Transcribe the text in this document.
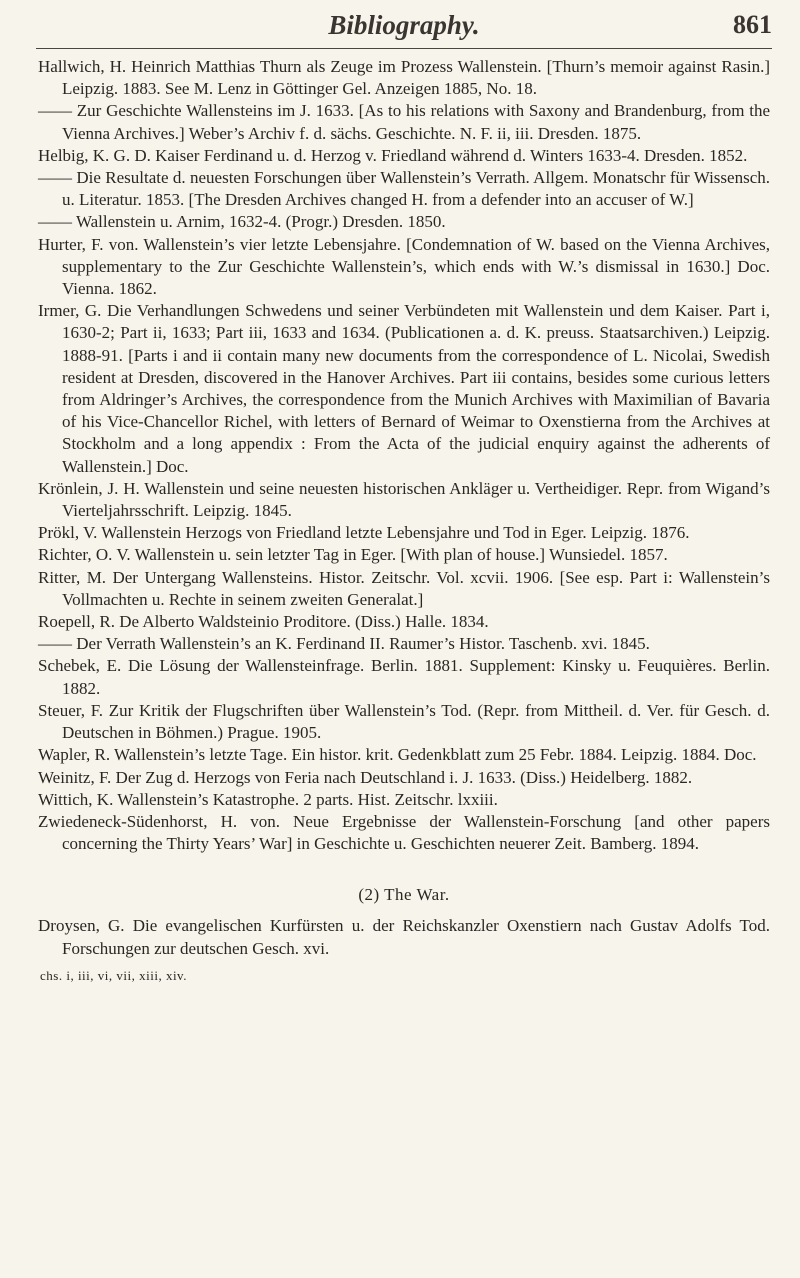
Bibliography.	861

Hallwich, H. Heinrich Matthias Thurn als Zeuge im Prozess Wallenstein. [Thurn’s memoir against Rasin.] Leipzig. 1883. See M. Lenz in Göttinger Gel. Anzeigen 1885, No. 18.

—— Zur Geschichte Wallensteins im J. 1633. [As to his relations with Saxony and Brandenburg, from the Vienna Archives.] Weber’s Archiv f. d. sächs. Geschichte. N. F. ii, iii. Dresden. 1875.

Helbig, K. G. D. Kaiser Ferdinand u. d. Herzog v. Friedland während d. Winters 1633-4. Dresden. 1852.

—— Die Resultate d. neuesten Forschungen über Wallenstein’s Verrath. Allgem. Monatschr für Wissensch. u. Literatur. 1853. [The Dresden Archives changed H. from a defender into an accuser of W.]

—— Wallenstein u. Arnim, 1632-4. (Progr.) Dresden. 1850.

Hurter, F. von. Wallenstein’s vier letzte Lebensjahre. [Condemnation of W. based on the Vienna Archives, supplementary to the Zur Geschichte Wallenstein’s, which ends with W.’s dismissal in 1630.] Doc. Vienna. 1862.

Irmer, G. Die Verhandlungen Schwedens und seiner Verbündeten mit Wallenstein und dem Kaiser. Part i, 1630-2; Part ii, 1633; Part iii, 1633 and 1634. (Publicationen a. d. K. preuss. Staatsarchiven.) Leipzig. 1888-91. [Parts i and ii contain many new documents from the correspondence of L. Nicolai, Swedish resident at Dresden, discovered in the Hanover Archives. Part iii contains, besides some curious letters from Aldringer’s Archives, the correspondence from the Munich Archives with Maximilian of Bavaria of his Vice-Chancellor Richel, with letters of Bernard of Weimar to Oxenstierna from the Archives at Stockholm and a long appendix : From the Acta of the judicial enquiry against the adherents of Wallenstein.] Doc.

Krönlein, J. H. Wallenstein und seine neuesten historischen Ankläger u. Vertheidiger. Repr. from Wigand’s Vierteljahrsschrift. Leipzig. 1845.

Prökl, V. Wallenstein Herzogs von Friedland letzte Lebensjahre und Tod in Eger. Leipzig. 1876.

Richter, O. V. Wallenstein u. sein letzter Tag in Eger. [With plan of house.] Wunsiedel. 1857.

Ritter, M. Der Untergang Wallensteins. Histor. Zeitschr. Vol. xcvii. 1906. [See esp. Part i: Wallenstein’s Vollmachten u. Rechte in seinem zweiten Generalat.]

Roepell, R. De Alberto Waldsteinio Proditore. (Diss.) Halle. 1834.

—— Der Verrath Wallenstein’s an K. Ferdinand II. Raumer’s Histor. Taschenb. xvi. 1845.

Schebek, E. Die Lösung der Wallensteinfrage. Berlin. 1881. Supplement: Kinsky u. Feuquières. Berlin. 1882.

Steuer, F. Zur Kritik der Flugschriften über Wallenstein’s Tod. (Repr. from Mittheil. d. Ver. für Gesch. d. Deutschen in Böhmen.) Prague. 1905.

Wapler, R. Wallenstein’s letzte Tage. Ein histor. krit. Gedenkblatt zum 25 Febr. 1884. Leipzig. 1884. Doc.

Weinitz, F. Der Zug d. Herzogs von Feria nach Deutschland i. J. 1633. (Diss.) Heidelberg. 1882.

Wittich, K. Wallenstein’s Katastrophe. 2 parts. Hist. Zeitschr. lxxiii.

Zwiedeneck-Südenhorst, H. von. Neue Ergebnisse der Wallenstein-Forschung [and other papers concerning the Thirty Years’ War] in Geschichte u. Geschichten neuerer Zeit. Bamberg. 1894.

(2) The War.

Droysen, G. Die evangelischen Kurfürsten u. der Reichskanzler Oxenstiern nach Gustav Adolfs Tod. Forschungen zur deutschen Gesch. xvi.

chs. i, iii, vi, vii, xiii, xiv.
